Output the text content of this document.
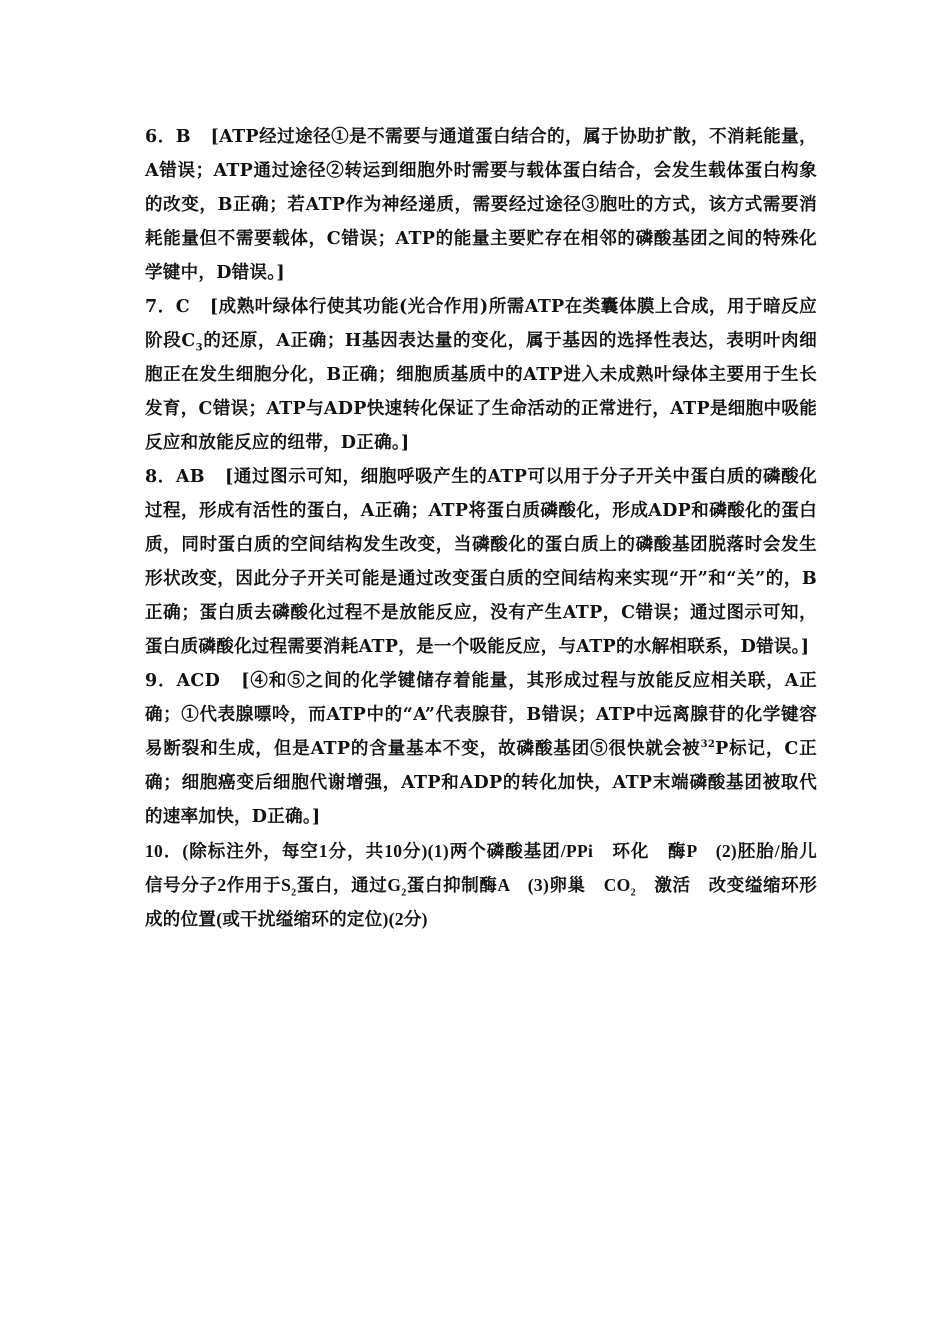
6．B [ATP经过途径①是不需要与通道蛋白结合的，属于协助扩散，不消耗能量，A错误；ATP通过途径②转运到细胞外时需要与载体蛋白结合，会发生载体蛋白构象的改变，B正确；若ATP作为神经递质，需要经过途径③胞吐的方式，该方式需要消耗能量但不需要载体，C错误；ATP的能量主要贮存在相邻的磷酸基团之间的特殊化学键中，D错误。]

7．C [成熟叶绿体行使其功能(光合作用)所需ATP在类囊体膜上合成，用于暗反应阶段$C_3$的还原，A正确；H基因表达量的变化，属于基因的选择性表达，表明叶肉细胞正在发生细胞分化，B正确；细胞质基质中的ATP进入未成熟叶绿体主要用于生长发育，C错误；ATP与ADP快速转化保证了生命活动的正常进行，ATP是细胞中吸能反应和放能反应的纽带，D正确。]

8．AB [通过图示可知，细胞呼吸产生的ATP可以用于分子开关中蛋白质的磷酸化过程，形成有活性的蛋白，A正确；ATP将蛋白质磷酸化，形成ADP和磷酸化的蛋白质，同时蛋白质的空间结构发生改变，当磷酸化的蛋白质上的磷酸基团脱落时会发生形状改变，因此分子开关可能是通过改变蛋白质的空间结构来实现“开”和“关”的，B正确；蛋白质去磷酸化过程不是放能反应，没有产生ATP，C错误；通过图示可知，蛋白质磷酸化过程需要消耗ATP，是一个吸能反应，与ATP的水解相联系，D错误。]

9．ACD [④和⑤之间的化学键储存着能量，其形成过程与放能反应相关联，A正确；①代表腺嘌呤，而ATP中的“A”代表腺苷，B错误；ATP中远离腺苷的化学键容易断裂和生成，但是ATP的含量基本不变，故磷酸基团⑤很快就会被$^{32}$P标记，C正确；细胞癌变后细胞代谢增强，ATP和ADP的转化加快，ATP末端磷酸基团被取代的速率加快，D正确。]

10．(除标注外，每空1分，共10分)(1)两个磷酸基团/PPi　环化　酶P　(2)胚胎/胎儿　信号分子2作用于$S_2$蛋白，通过$G_2$蛋白抑制酶A　(3)卵巢　$CO_2$　激活　改变缢缩环形成的位置(或干扰缢缩环的定位)(2分)
